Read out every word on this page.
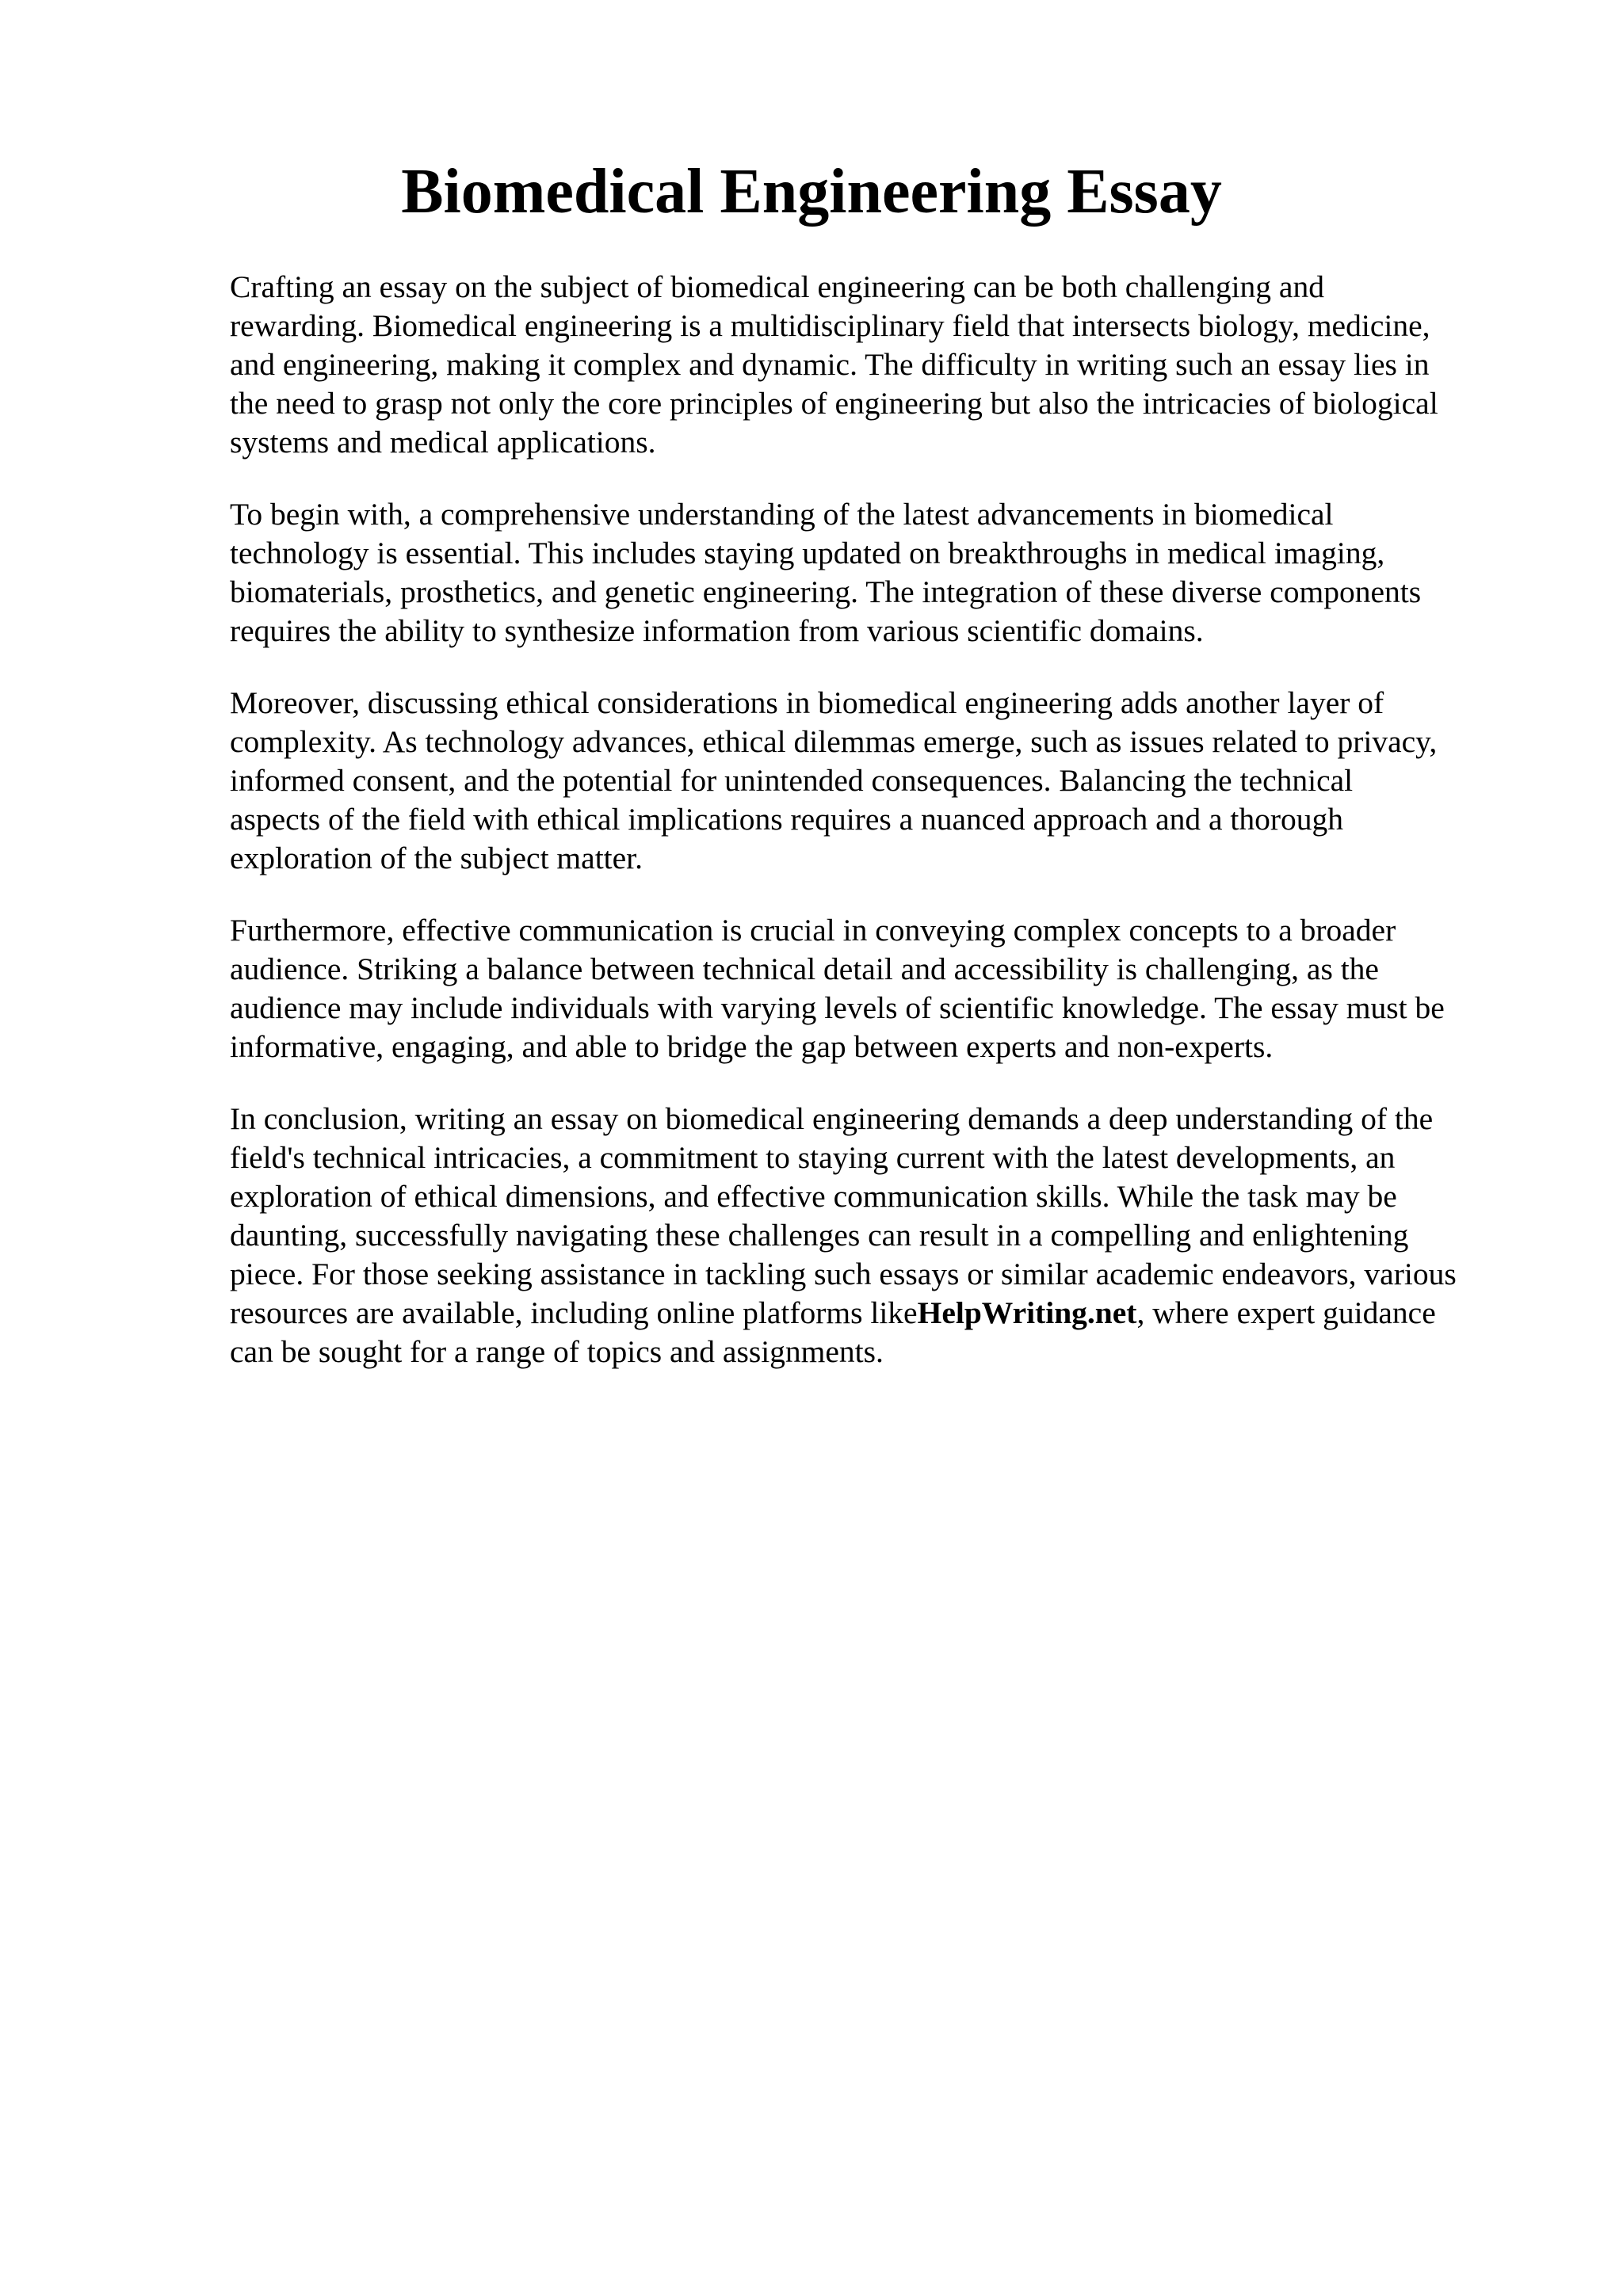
Biomedical Engineering Essay
Crafting an essay on the subject of biomedical engineering can be both challenging and
rewarding. Biomedical engineering is a multidisciplinary field that intersects biology, medicine,
and engineering, making it complex and dynamic. The difficulty in writing such an essay lies in
the need to grasp not only the core principles of engineering but also the intricacies of biological
systems and medical applications.
To begin with, a comprehensive understanding of the latest advancements in biomedical
technology is essential. This includes staying updated on breakthroughs in medical imaging,
biomaterials, prosthetics, and genetic engineering. The integration of these diverse components
requires the ability to synthesize information from various scientific domains.
Moreover, discussing ethical considerations in biomedical engineering adds another layer of
complexity. As technology advances, ethical dilemmas emerge, such as issues related to privacy,
informed consent, and the potential for unintended consequences. Balancing the technical
aspects of the field with ethical implications requires a nuanced approach and a thorough
exploration of the subject matter.
Furthermore, effective communication is crucial in conveying complex concepts to a broader
audience. Striking a balance between technical detail and accessibility is challenging, as the
audience may include individuals with varying levels of scientific knowledge. The essay must be
informative, engaging, and able to bridge the gap between experts and non-experts.
In conclusion, writing an essay on biomedical engineering demands a deep understanding of the
field's technical intricacies, a commitment to staying current with the latest developments, an
exploration of ethical dimensions, and effective communication skills. While the task may be
daunting, successfully navigating these challenges can result in a compelling and enlightening
piece. For those seeking assistance in tackling such essays or similar academic endeavors, various
resources are available, including online platforms likeHelpWriting.net, where expert guidance
can be sought for a range of topics and assignments.
